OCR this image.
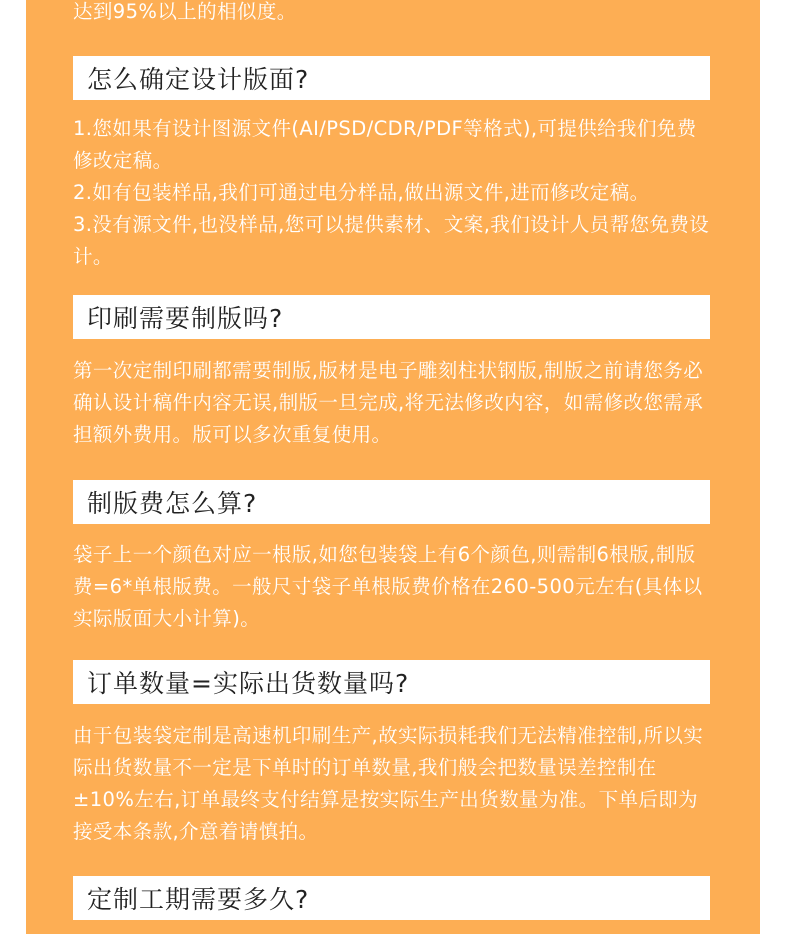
达到95%以上的相似度。

怎么确定设计版面?

1.您如果有设计图源文件(AI/PSD/CDR/PDF等格式),可提供给我们免费修改定稿。
2.如有包装样品,我们可通过电分样品,做出源文件,进而修改定稿。
3.没有源文件,也没样品,您可以提供素材、文案,我们设计人员帮您免费设计。

印刷需要制版吗?

第一次定制印刷都需要制版,版材是电子雕刻柱状钢版,制版之前请您务必确认设计稿件内容无误,制版一旦完成,将无法修改内容，如需修改您需承担额外费用。版可以多次重复使用。

制版费怎么算?

袋子上一个颜色对应一根版,如您包装袋上有6个颜色,则需制6根版,制版费=6*单根版费。一般尺寸袋子单根版费价格在260-500元左右(具体以实际版面大小计算)。

订单数量=实际出货数量吗?

由于包装袋定制是高速机印刷生产,故实际损耗我们无法精准控制,所以实际出货数量不一定是下单时的订单数量,我们般会把数量误差控制在±10%左右,订单最终支付结算是按实际生产出货数量为准。下单后即为接受本条款,介意着请慎拍。

定制工期需要多久?
